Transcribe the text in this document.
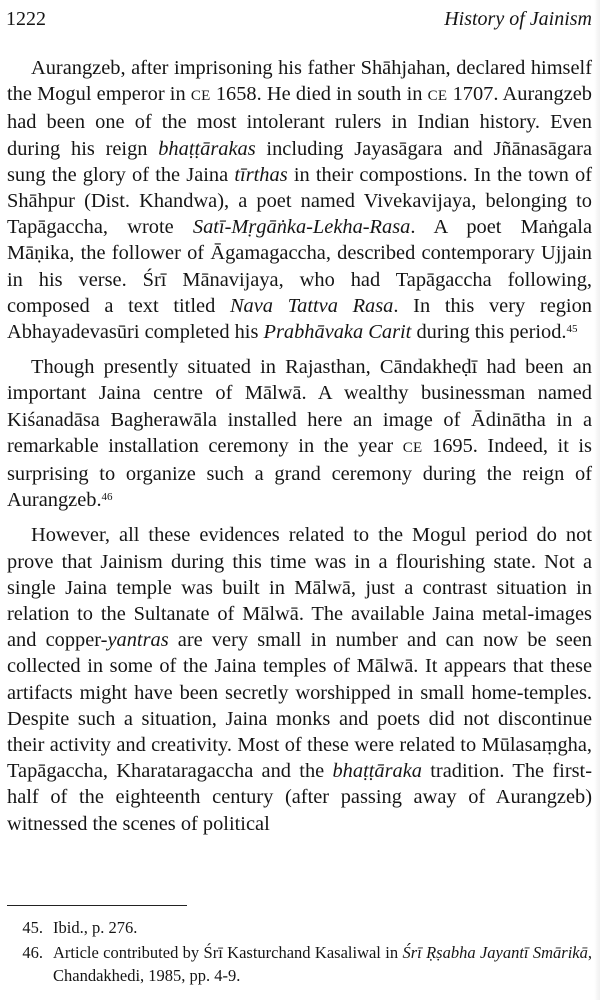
1222	History of Jainism

Aurangzeb, after imprisoning his father Shāhjahan, declared himself the Mogul emperor in CE 1658. He died in south in CE 1707. Aurangzeb had been one of the most intolerant rulers in Indian history. Even during his reign bhaṭṭārakas including Jayasāgara and Jñānasāgara sung the glory of the Jaina tīrthas in their compostions. In the town of Shāhpur (Dist. Khandwa), a poet named Vivekavijaya, belonging to Tapāgaccha, wrote Satī-Mṛgāṅka-Lekha-Rasa. A poet Maṅgala Māṇika, the follower of Āgamagaccha, described contemporary Ujjain in his verse. Śrī Mānavijaya, who had Tapāgaccha following, composed a text titled Nava Tattva Rasa. In this very region Abhayadevasūri completed his Prabhāvaka Carit during this period.$^{45}$

Though presently situated in Rajasthan, Cāndakheḍī had been an important Jaina centre of Mālwā. A wealthy businessman named Kiśanadāsa Bagherawāla installed here an image of Ādinātha in a remarkable installation ceremony in the year CE 1695. Indeed, it is surprising to organize such a grand ceremony during the reign of Aurangzeb.$^{46}$

However, all these evidences related to the Mogul period do not prove that Jainism during this time was in a flourishing state. Not a single Jaina temple was built in Mālwā, just a contrast situation in relation to the Sultanate of Mālwā. The available Jaina metal-images and copper-yantras are very small in number and can now be seen collected in some of the Jaina temples of Mālwā. It appears that these artifacts might have been secretly worshipped in small home-temples. Despite such a situation, Jaina monks and poets did not discontinue their activity and creativity. Most of these were related to Mūlasaṃgha, Tapāgaccha, Kharataragaccha and the bhaṭṭāraka tradition. The first-half of the eighteenth century (after passing away of Aurangzeb) witnessed the scenes of political

45. Ibid., p. 276.
46. Article contributed by Śrī Kasturchand Kasaliwal in Śrī Ṛṣabha Jayantī Smārikā, Chandakhedi, 1985, pp. 4-9.
